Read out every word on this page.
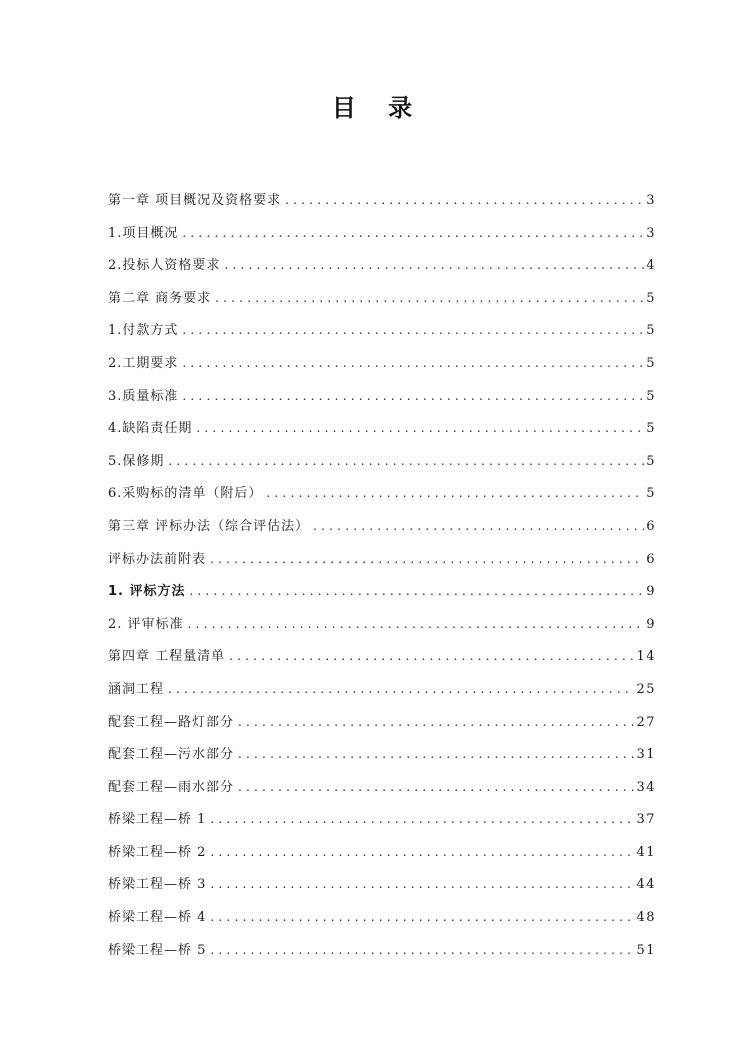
目 录
第一章 项目概况及资格要求 .....	3
1.项目概况 .....	3
2.投标人资格要求 .....	4
第二章 商务要求 .....	5
1.付款方式 .....	5
2.工期要求 .....	5
3.质量标准 .....	5
4.缺陷责任期 .....	5
5.保修期 .....	5
6.采购标的清单（附后） .....	5
第三章 评标办法（综合评估法） .....	6
评标办法前附表 .....	6
1. 评标方法 .....	9
2. 评审标准 .....	9
第四章 工程量清单 .....	14
涵洞工程 .....	25
配套工程—路灯部分 .....	27
配套工程—污水部分 .....	31
配套工程—雨水部分 .....	34
桥梁工程—桥 1 .....	37
桥梁工程—桥 2 .....	41
桥梁工程—桥 3 .....	44
桥梁工程—桥 4 .....	48
桥梁工程—桥 5 .....	51
